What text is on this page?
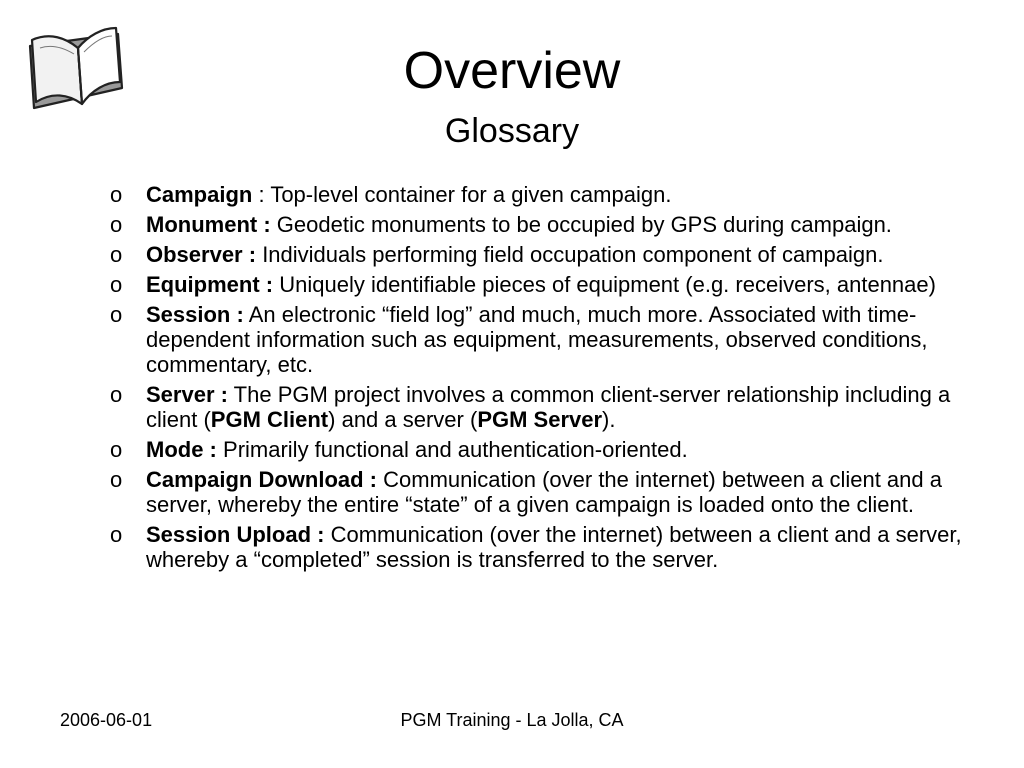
Overview
Glossary
o Campaign : Top-level container for a given campaign.
o Monument : Geodetic monuments to be occupied by GPS during campaign.
o Observer : Individuals performing field occupation component of campaign.
o Equipment : Uniquely identifiable pieces of equipment (e.g. receivers, antennae)
o Session : An electronic “field log” and much, much more. Associated with time-dependent information such as equipment, measurements, observed conditions, commentary, etc.
o Server : The PGM project involves a common client-server relationship including a client (PGM Client) and a server (PGM Server).
o Mode : Primarily functional and authentication-oriented.
o Campaign Download : Communication (over the internet) between a client and a server, whereby the entire “state” of a given campaign is loaded onto the client.
o Session Upload : Communication (over the internet) between a client and a server, whereby a “completed” session is transferred to the server.
2006-06-01	PGM Training - La Jolla, CA
